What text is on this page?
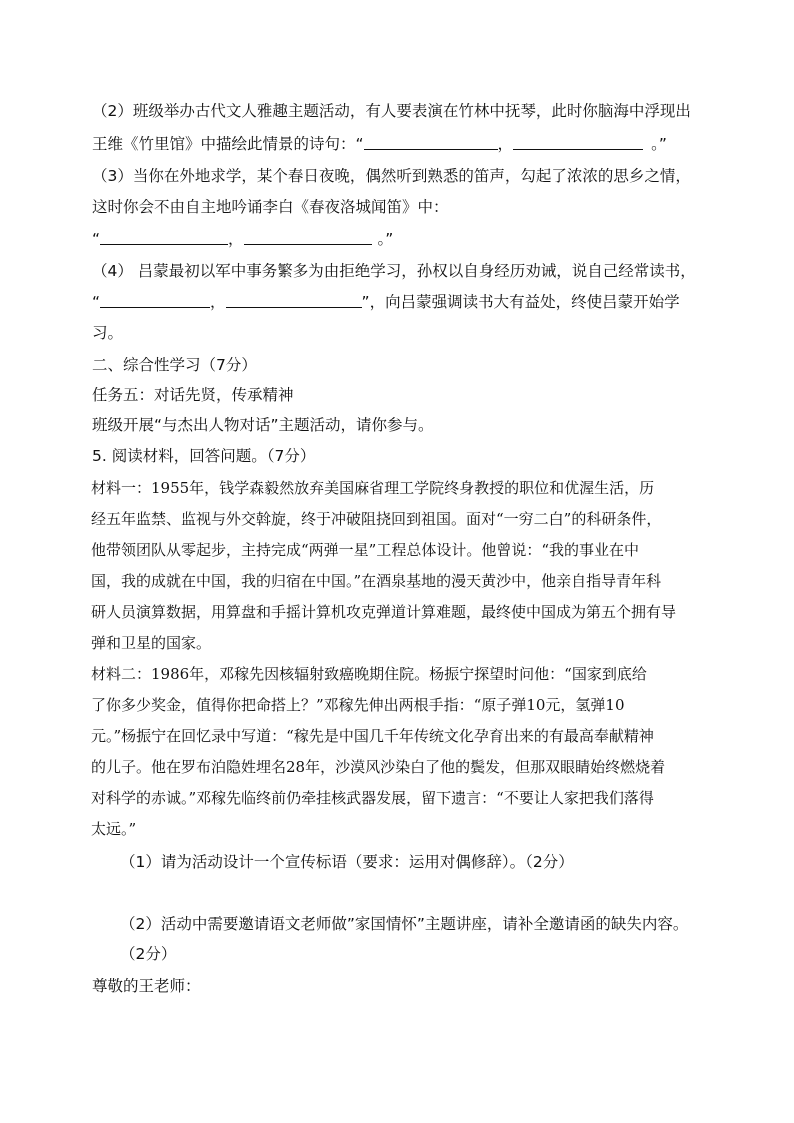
（2）班级举办古代文人雅趣主题活动，有人要表演在竹林中抚琴，此时你脑海中浮现出
王维《竹里馆》中描绘此情景的诗句：“	，	。”
（3）当你在外地求学，某个春日夜晚，偶然听到熟悉的笛声，勾起了浓浓的思乡之情，
这时你会不由自主地吟诵李白《春夜洛城闻笛》中：
“	，	。”
（4） 吕蒙最初以军中事务繁多为由拒绝学习，孙权以自身经历劝诫，说自己经常读书，
“	，	”，向吕蒙强调读书大有益处，终使吕蒙开始学
习。
二、综合性学习（7分）
任务五：对话先贤，传承精神
班级开展“与杰出人物对话”主题活动，请你参与。
5. 阅读材料，回答问题。（7分）
材料一：1955年，钱学森毅然放弃美国麻省理工学院终身教授的职位和优渥生活，历
经五年监禁、监视与外交斡旋，终于冲破阻挠回到祖国。面对“一穷二白”的科研条件，
他带领团队从零起步，主持完成“两弹一星”工程总体设计。他曾说：“我的事业在中
国，我的成就在中国，我的归宿在中国。”在酒泉基地的漫天黄沙中，他亲自指导青年科
研人员演算数据，用算盘和手摇计算机攻克弹道计算难题，最终使中国成为第五个拥有导
弹和卫星的国家。
材料二：1986年，邓稼先因核辐射致癌晚期住院。杨振宁探望时问他：“国家到底给
了你多少奖金，值得你把命搭上？”邓稼先伸出两根手指：“原子弹10元，氢弹10
元。”杨振宁在回忆录中写道：“稼先是中国几千年传统文化孕育出来的有最高奉献精神
的儿子。他在罗布泊隐姓埋名28年，沙漠风沙染白了他的鬓发，但那双眼睛始终燃烧着
对科学的赤诚。”邓稼先临终前仍牵挂核武器发展，留下遗言：“不要让人家把我们落得
太远。”
（1）请为活动设计一个宣传标语（要求：运用对偶修辞）。（2分）
（2）活动中需要邀请语文老师做”家国情怀”主题讲座，请补全邀请函的缺失内容。
（2分）
尊敬的王老师：
